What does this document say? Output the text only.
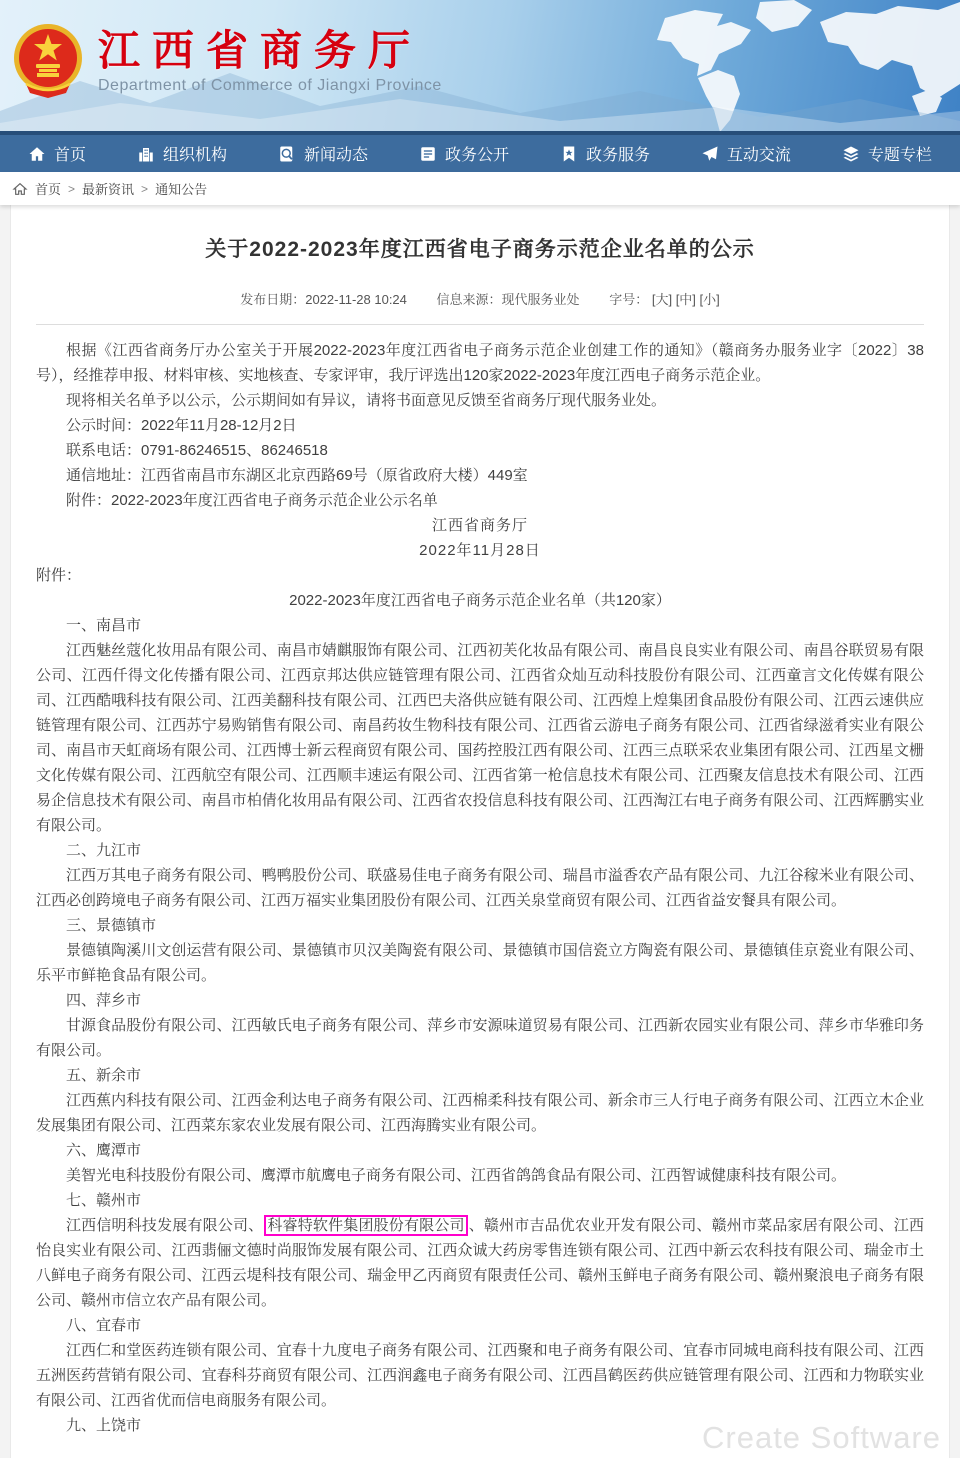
江西省商务厅
Department of Commerce of Jiangxi Province
首页	组织机构	新闻动态	政务公开	政务服务	互动交流	专题专栏
首页 > 最新资讯 > 通知公告
关于2022-2023年度江西省电子商务示范企业名单的公示
发布日期：2022-11-28 10:24 信息来源：现代服务业处 字号： [大] [中] [小]

根据《江西省商务厅办公室关于开展2022-2023年度江西省电子商务示范企业创建工作的通知》（赣商务办服务业字〔2022〕38号），经推荐申报、材料审核、实地核查、专家评审，我厅评选出120家2022-2023年度江西电子商务示范企业。

现将相关名单予以公示，公示期间如有异议，请将书面意见反馈至省商务厅现代服务业处。

公示时间：2022年11月28-12月2日

联系电话：0791-86246515、86246518

通信地址：江西省南昌市东湖区北京西路69号（原省政府大楼）449室

附件：2022-2023年度江西省电子商务示范企业公示名单

江西省商务厅

2022年11月28日

附件：

2022-2023年度江西省电子商务示范企业名单（共120家）

一、南昌市

江西魅丝蔻化妆用品有限公司、南昌市婧麒服饰有限公司、江西初芙化妆品有限公司、南昌良良实业有限公司、南昌谷联贸易有限公司、江西仟得文化传播有限公司、江西京邦达供应链管理有限公司、江西省众灿互动科技股份有限公司、江西童言文化传媒有限公司、江西酷哦科技有限公司、江西美翻科技有限公司、江西巴夫洛供应链有限公司、江西煌上煌集团食品股份有限公司、江西云速供应链管理有限公司、江西苏宁易购销售有限公司、南昌药妆生物科技有限公司、江西省云游电子商务有限公司、江西省绿滋肴实业有限公司、南昌市天虹商场有限公司、江西博士新云程商贸有限公司、国药控股江西有限公司、江西三点联采农业集团有限公司、江西星文栅文化传媒有限公司、江西航空有限公司、江西顺丰速运有限公司、江西省第一枪信息技术有限公司、江西聚友信息技术有限公司、江西易企信息技术有限公司、南昌市柏倩化妆用品有限公司、江西省农投信息科技有限公司、江西淘江右电子商务有限公司、江西辉鹏实业有限公司。

二、九江市

江西万其电子商务有限公司、鸭鸭股份公司、联盛易佳电子商务有限公司、瑞昌市溢香农产品有限公司、九江谷稼米业有限公司、江西必创跨境电子商务有限公司、江西万福实业集团股份有限公司、江西关泉堂商贸有限公司、江西省益安餐具有限公司。

三、景德镇市

景德镇陶溪川文创运营有限公司、景德镇市贝汉美陶瓷有限公司、景德镇市国信瓷立方陶瓷有限公司、景德镇佳京瓷业有限公司、乐平市鲜艳食品有限公司。

四、萍乡市

甘源食品股份有限公司、江西敏氏电子商务有限公司、萍乡市安源味道贸易有限公司、江西新农园实业有限公司、萍乡市华雅印务有限公司。

五、新余市

江西蕉内科技有限公司、江西金利达电子商务有限公司、江西棉柔科技有限公司、新余市三人行电子商务有限公司、江西立木企业发展集团有限公司、江西菜东家农业发展有限公司、江西海腾实业有限公司。

六、鹰潭市

美智光电科技股份有限公司、鹰潭市航鹰电子商务有限公司、江西省鸽鸽食品有限公司、江西智诚健康科技有限公司。

七、赣州市

江西信明科技发展有限公司、 科睿特软件集团股份有限公司 、赣州市吉品优农业开发有限公司、赣州市菜品家居有限公司、江西怡良实业有限公司、江西翡俪文德时尚服饰发展有限公司、江西众诚大药房零售连锁有限公司、江西中新云农科技有限公司、瑞金市土八鲜电子商务有限公司、江西云堤科技有限公司、瑞金甲乙丙商贸有限责任公司、赣州玉鲜电子商务有限公司、赣州聚浪电子商务有限公司、赣州市信立农产品有限公司。

八、宜春市

江西仁和堂医药连锁有限公司、宜春十九度电子商务有限公司、江西聚和电子商务有限公司、宜春市同城电商科技有限公司、江西五洲医药营销有限公司、宜春科芬商贸有限公司、江西润鑫电子商务有限公司、江西昌鹤医药供应链管理有限公司、江西和力物联实业有限公司、江西省优而信电商服务有限公司。

九、上饶市	Create Software
